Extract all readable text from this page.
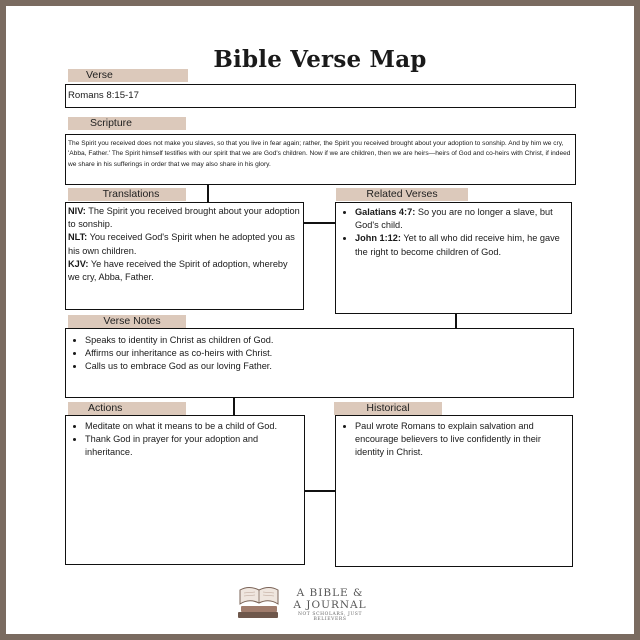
Bible Verse Map
Verse
Romans 8:15-17
Scripture
The Spirit you received does not make you slaves, so that you live in fear again; rather, the Spirit you received brought about your adoption to sonship. And by him we cry, 'Abba, Father.' The Spirit himself testifies with our spirit that we are God's children. Now if we are children, then we are heirs—heirs of God and co-heirs with Christ, if indeed we share in his sufferings in order that we may also share in his glory.
Translations

NIV: The Spirit you received brought about your adoption to sonship.

NLT: You received God's Spirit when he adopted you as his own children.

KJV: Ye have received the Spirit of adoption, whereby we cry, Abba, Father.

Related Verses
• Galatians 4:7: So you are no longer a slave, but God's child.
• John 1:12: Yet to all who did receive him, he gave the right to become children of God.
Verse Notes
• Speaks to identity in Christ as children of God.
• Affirms our inheritance as co-heirs with Christ.
• Calls us to embrace God as our loving Father.
Actions
• Meditate on what it means to be a child of God.
• Thank God in prayer for your adoption and inheritance.
Historical
• Paul wrote Romans to explain salvation and encourage believers to live confidently in their identity in Christ.
A BIBLE &
A JOURNAL
NOT SCHOLARS, JUST BELIEVERS
